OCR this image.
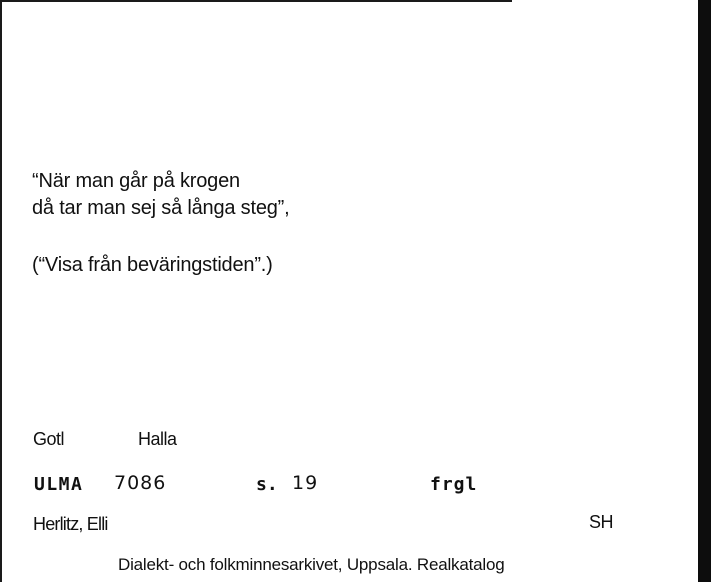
“När man går på krogen
då tar man sej så långa steg”,
(“Visa från beväringstiden”.)
Gotl	Halla
ULMA 7086	s. 19	frgl
Herlitz, Elli	SH
Dialekt- och folkminnesarkivet, Uppsala. Realkatalog
